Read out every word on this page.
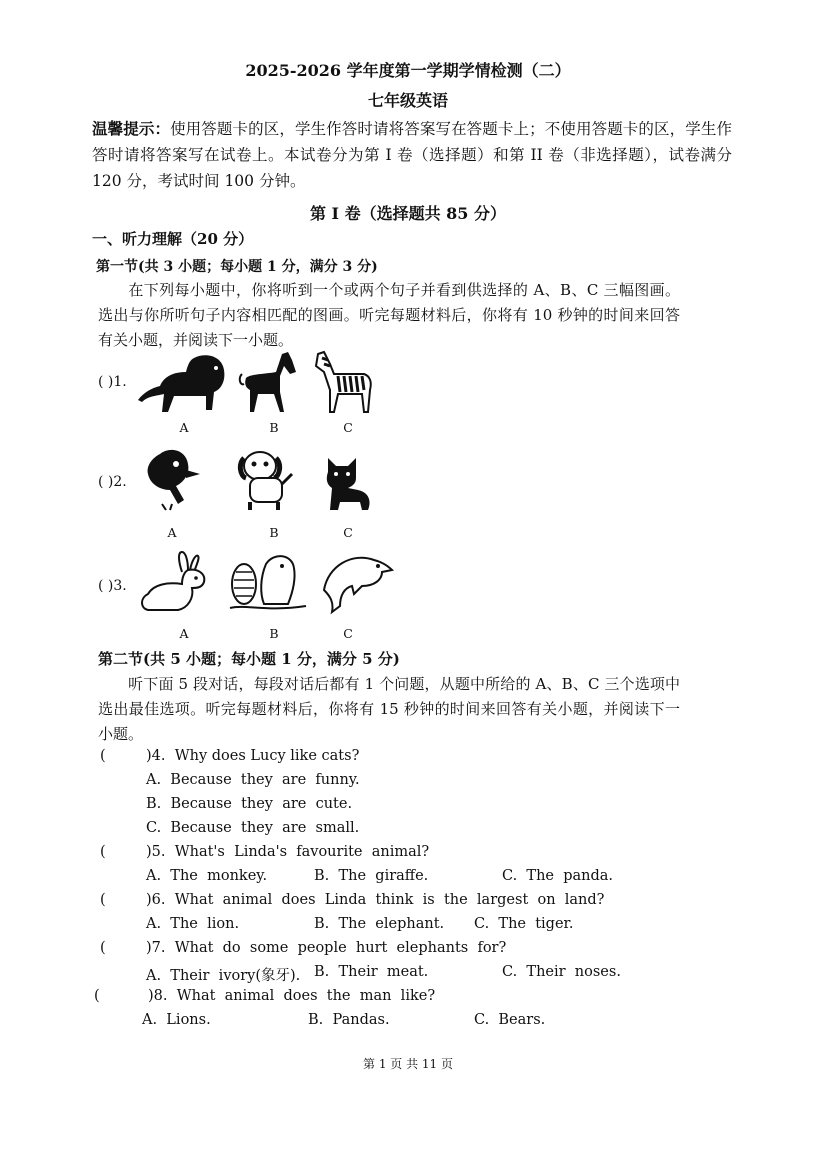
2025-2026 学年度第一学期学情检测（二）
七年级英语
温馨提示：使用答题卡的区，学生作答时请将答案写在答题卡上；不使用答题卡的区，学生作答时请将答案写在试卷上。本试卷分为第 I 卷（选择题）和第 II 卷（非选择题），试卷满分 120 分，考试时间 100 分钟。
第 I 卷（选择题共 85 分）
一、听力理解（20 分）
第一节(共 3 小题；每小题 1 分，满分 3 分)
在下列每小题中，你将听到一个或两个句子并看到供选择的 A、B、C 三幅图画。选出与你所听句子内容相匹配的图画。听完每题材料后，你将有 10 秒钟的时间来回答有关小题，并阅读下一小题。
( )1.
A	B	C
( )2.
A	B	C
( )3.
A	B	C
第二节(共 5 小题；每小题 1 分，满分 5 分)
听下面 5 段对话，每段对话后都有 1 个问题，从题中所给的 A、B、C 三个选项中选出最佳选项。听完每题材料后，你将有 15 秒钟的时间来回答有关小题，并阅读下一小题。
(	)4.  Why does Lucy like cats?
A.  Because  they  are  funny.
B.  Because  they  are  cute.
C.  Because  they  are  small.
(	)5.  What's  Linda's  favourite  animal?
A.  The  monkey.	B.  The  giraffe.	C.  The  panda.
(	)6.  What  animal  does  Linda  think  is  the  largest  on  land?
A.  The  lion.	B.  The  elephant. C.  The  tiger.
(	)7.  What  do  some  people  hurt  elephants  for?
A.  Their  ivory(象牙). B.  Their  meat.	C.  Their  noses.
(	)8.  What  animal  does  the  man  like?
A.  Lions.	B.  Pandas.	C.  Bears.
第 1 页 共 11 页
